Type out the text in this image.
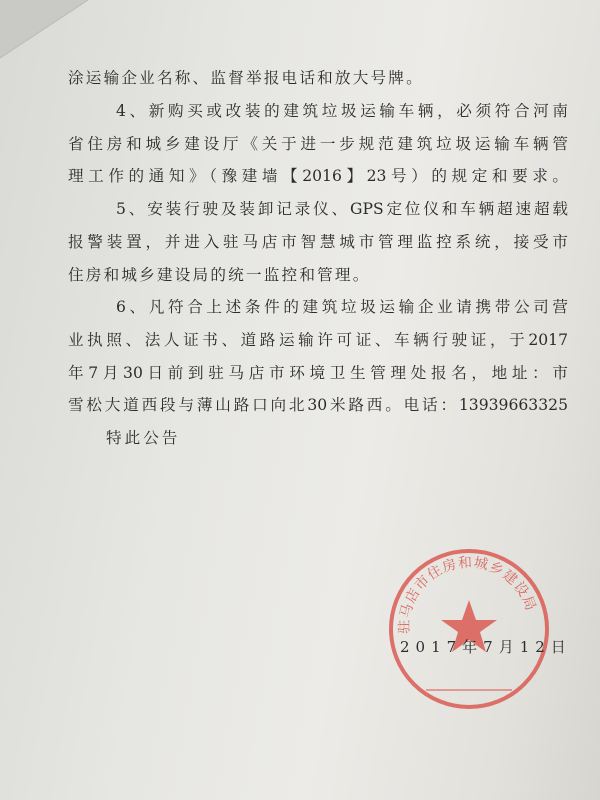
涂运输企业名称、监督举报电话和放大号牌。
4、新购买或改装的建筑垃圾运输车辆，必须符合河南
省住房和城乡建设厅《关于进一步规范建筑垃圾运输车辆管
理工作的通知》（豫建墙【2016】23号）的规定和要求。
5、安装行驶及装卸记录仪、GPS定位仪和车辆超速超载
报警装置，并进入驻马店市智慧城市管理监控系统，接受市
住房和城乡建设局的统一监控和管理。
6、凡符合上述条件的建筑垃圾运输企业请携带公司营
业执照、法人证书、道路运输许可证、车辆行驶证，于2017
年7月30日前到驻马店市环境卫生管理处报名，地址：市
雪松大道西段与薄山路口向北30米路西。电话：13939663325
特此公告
驻马店市住房和城乡建设局
2017年7月12日
